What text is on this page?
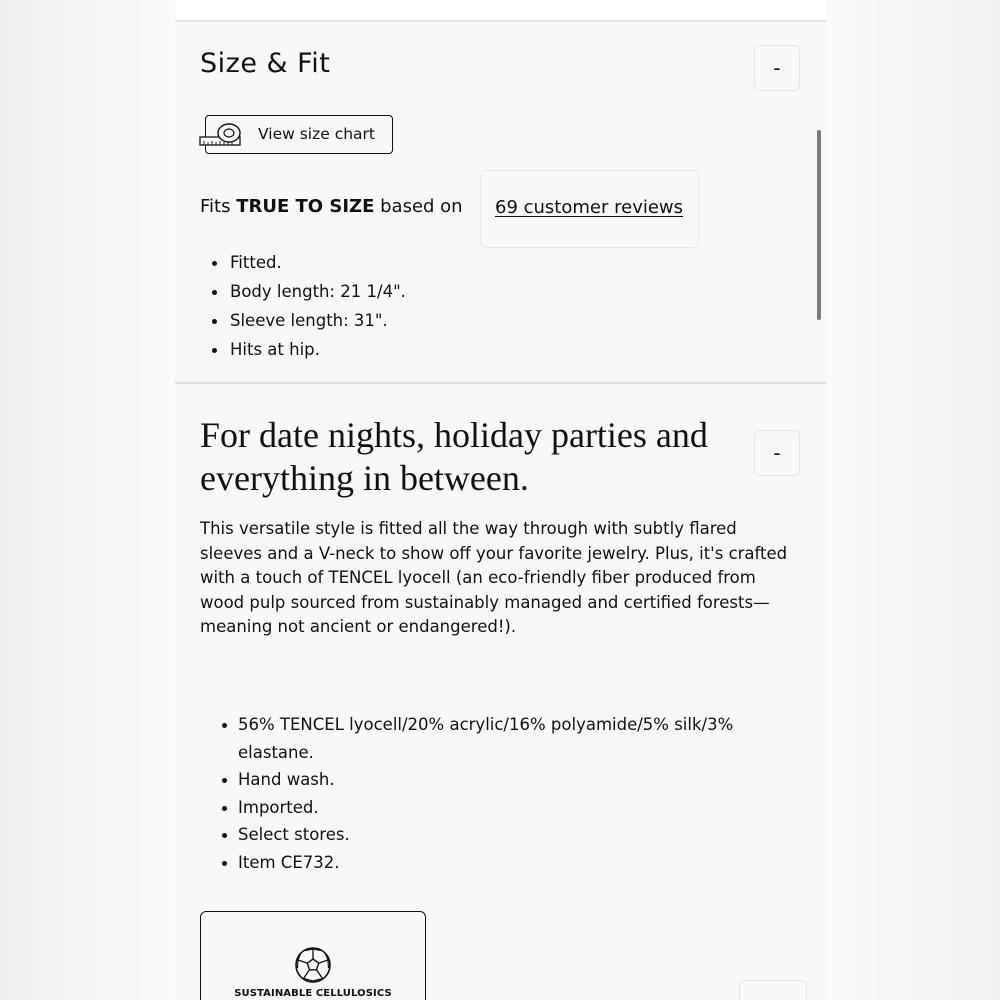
Size & Fit	-
View size chart
Fits TRUE TO SIZE based on 69 customer reviews
Fitted.
Body length: 21 1/4".
Sleeve length: 31".
Hits at hip.
For date nights, holiday parties and everything in between.
-
This versatile style is fitted all the way through with subtly flared sleeves and a V-neck to show off your favorite jewelry. Plus, it's crafted with a touch of TENCEL lyocell (an eco-friendly fiber produced from wood pulp sourced from sustainably managed and certified forests—meaning not ancient or endangered!).
56% TENCEL lyocell/20% acrylic/16% polyamide/5% silk/3% elastane.
Hand wash.
Imported.
Select stores.
Item CE732.
SUSTAINABLE CELLULOSICS
